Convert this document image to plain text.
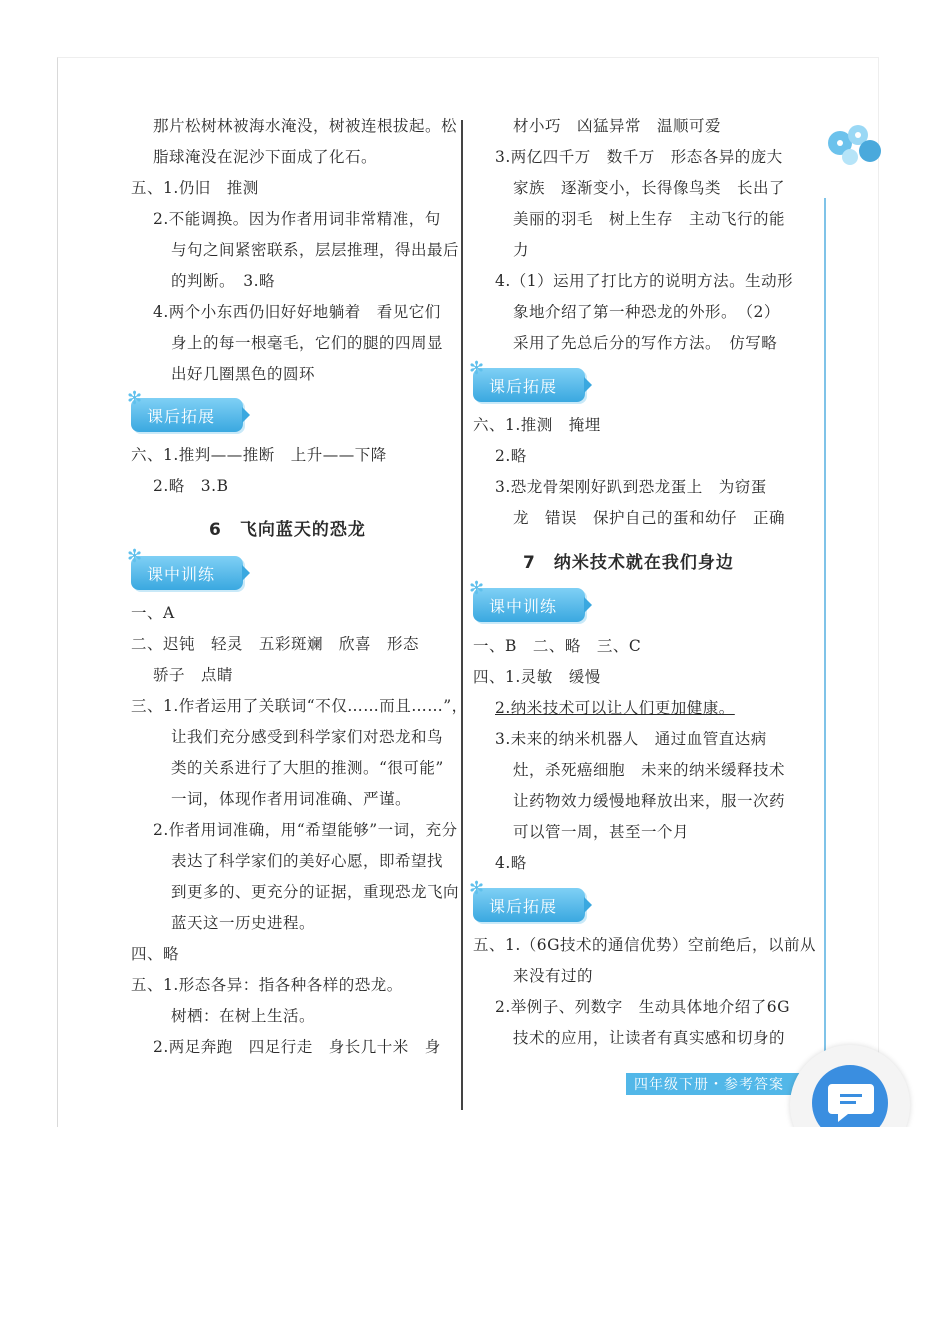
那片松树林被海水淹没，树被连根拔起。松
脂球淹没在泥沙下面成了化石。
五、1.仍旧　推测
2.不能调换。因为作者用词非常精准，句
与句之间紧密联系，层层推理，得出最后
的判断。　3.略
4.两个小东西仍旧好好地躺着　看见它们
身上的每一根毫毛，它们的腿的四周显
出好几圈黑色的圆环
✻
课后拓展
六、1.推判——推断　上升——下降
2.略　3.B
6　飞向蓝天的恐龙
✻
课中训练
一、A
二、迟钝　轻灵　五彩斑斓　欣喜　形态
骄子　点睛
三、1.作者运用了关联词“不仅……而且……”，
让我们充分感受到科学家们对恐龙和鸟
类的关系进行了大胆的推测。“很可能”
一词，体现作者用词准确、严谨。
2.作者用词准确，用“希望能够”一词，充分
表达了科学家们的美好心愿，即希望找
到更多的、更充分的证据，重现恐龙飞向
蓝天这一历史进程。
四、略
五、1.形态各异：指各种各样的恐龙。
树栖：在树上生活。
2.两足奔跑　四足行走　身长几十米　身
材小巧　凶猛异常　温顺可爱
3.两亿四千万　数千万　形态各异的庞大
家族　逐渐变小，长得像鸟类　长出了
美丽的羽毛　树上生存　主动飞行的能
力
4.（1）运用了打比方的说明方法。生动形
象地介绍了第一种恐龙的外形。　（2）
采用了先总后分的写作方法。　仿写略
✻
课后拓展
六、1.推测　掩埋
2.略
3.恐龙骨架刚好趴到恐龙蛋上　为窃蛋
龙　错误　保护自己的蛋和幼仔　正确
7　纳米技术就在我们身边
✻
课中训练
一、B　二、略　三、C
四、1.灵敏　缓慢
2.纳米技术可以让人们更加健康。
3.未来的纳米机器人　通过血管直达病
灶，杀死癌细胞　未来的纳米缓释技术
让药物效力缓慢地释放出来，服一次药
可以管一周，甚至一个月
4.略
✻
课后拓展
五、1.（6G技术的通信优势）空前绝后，以前从
来没有过的
2.举例子、列数字　生动具体地介绍了6G
技术的应用，让读者有真实感和切身的
四年级下册・参考答案
